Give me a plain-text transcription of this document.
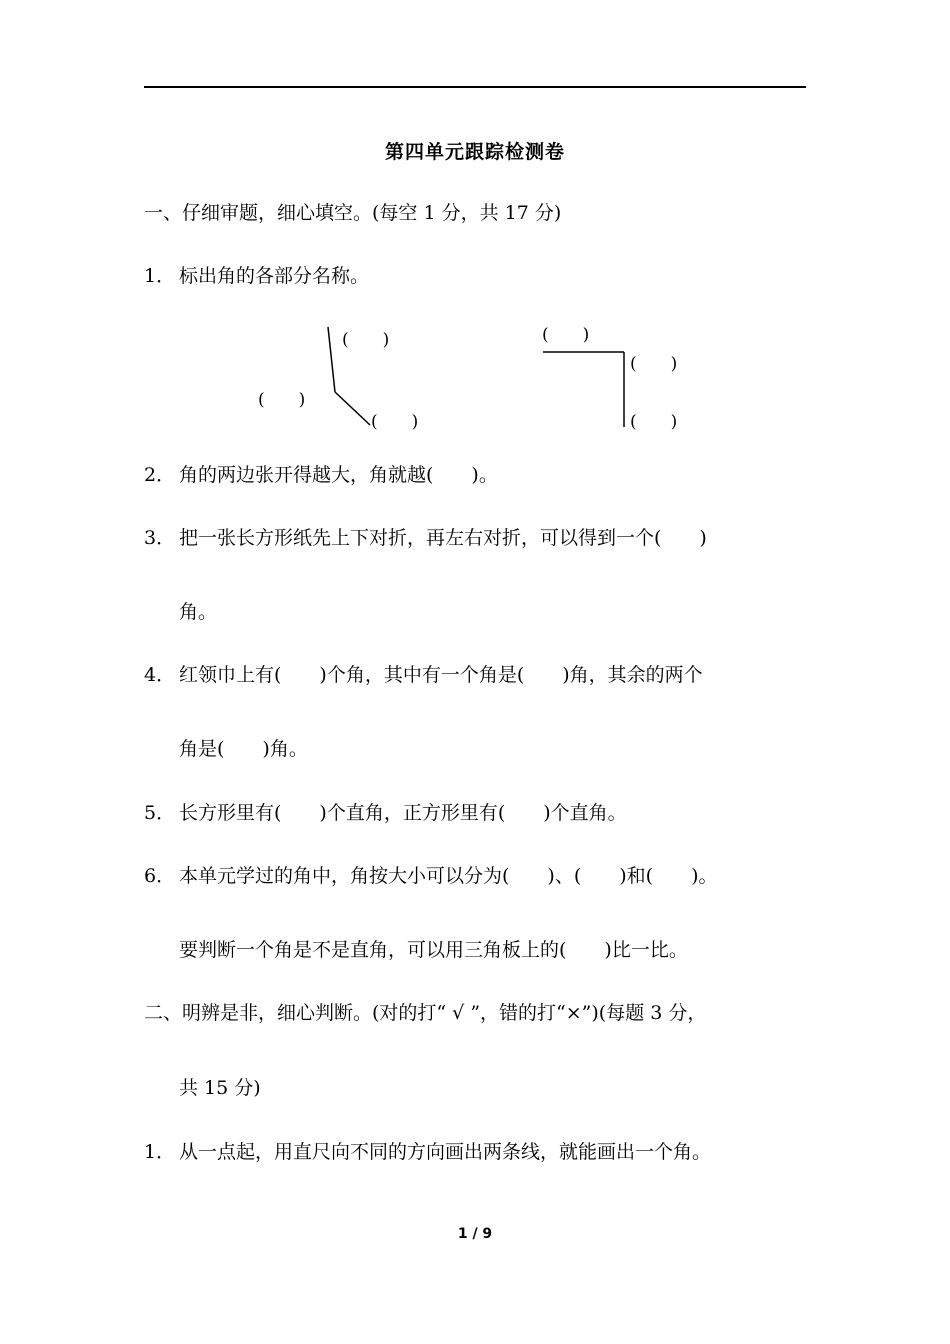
第四单元跟踪检测卷
一、仔细审题，细心填空。(每空 1 分，共 17 分)
1． 标出角的各部分名称。
(　　)
(　　)
(　　)
(　　)
(　　)
(　　)
2． 角的两边张开得越大，角就越(　　)。
3． 把一张长方形纸先上下对折，再左右对折，可以得到一个(　　)
角。
4． 红领巾上有(　　)个角，其中有一个角是(　　)角，其余的两个
角是(　　)角。
5． 长方形里有(　　)个直角，正方形里有(　　)个直角。
6． 本单元学过的角中，角按大小可以分为(　　)、(　　)和(　　)。
要判断一个角是不是直角，可以用三角板上的(　　)比一比。
二、明辨是非，细心判断。(对的打“ √ ”，错的打“×”)(每题 3 分，
共 15 分)
1． 从一点起，用直尺向不同的方向画出两条线，就能画出一个角。
1 / 9
